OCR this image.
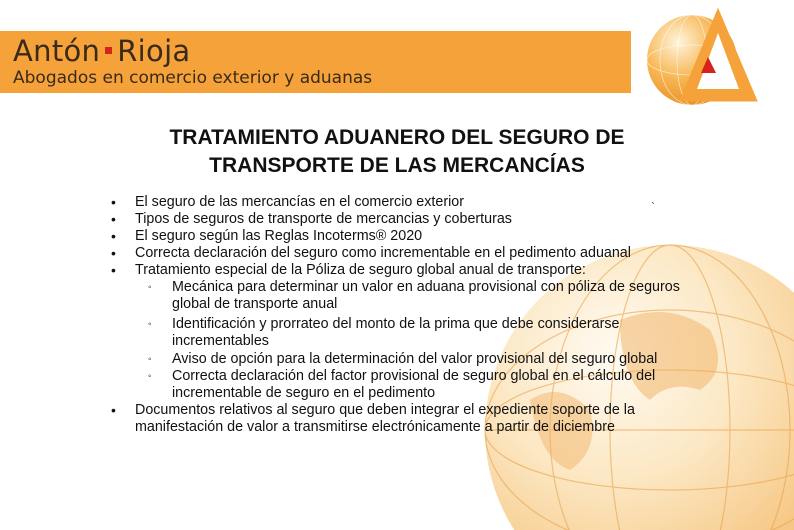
Antón Rioja
Abogados en comercio exterior y aduanas
TRATAMIENTO ADUANERO DEL SEGURO DE
TRANSPORTE DE LAS MERCANCÍAS
`
• El seguro de las mercancías en el comercio exterior
• Tipos de seguros de transporte de mercancias y coberturas
• El seguro según las Reglas Incoterms® 2020
• Correcta declaración del seguro como incrementable en el pedimento aduanal
• Tratamiento especial de la Póliza de seguro global anual de transporte:
◦ Mecánica para determinar un valor en aduana provisional con póliza de seguros
global de transporte anual
◦ Identificación y prorrateo del monto de la prima que debe considerarse
incrementables
◦ Aviso de opción para la determinación del valor provisional del seguro global
◦ Correcta declaración del factor provisional de seguro global en el cálculo del
incrementable de seguro en el pedimento
• Documentos relativos al seguro que deben integrar el expediente soporte de la
manifestación de valor a transmitirse electrónicamente a partir de diciembre
